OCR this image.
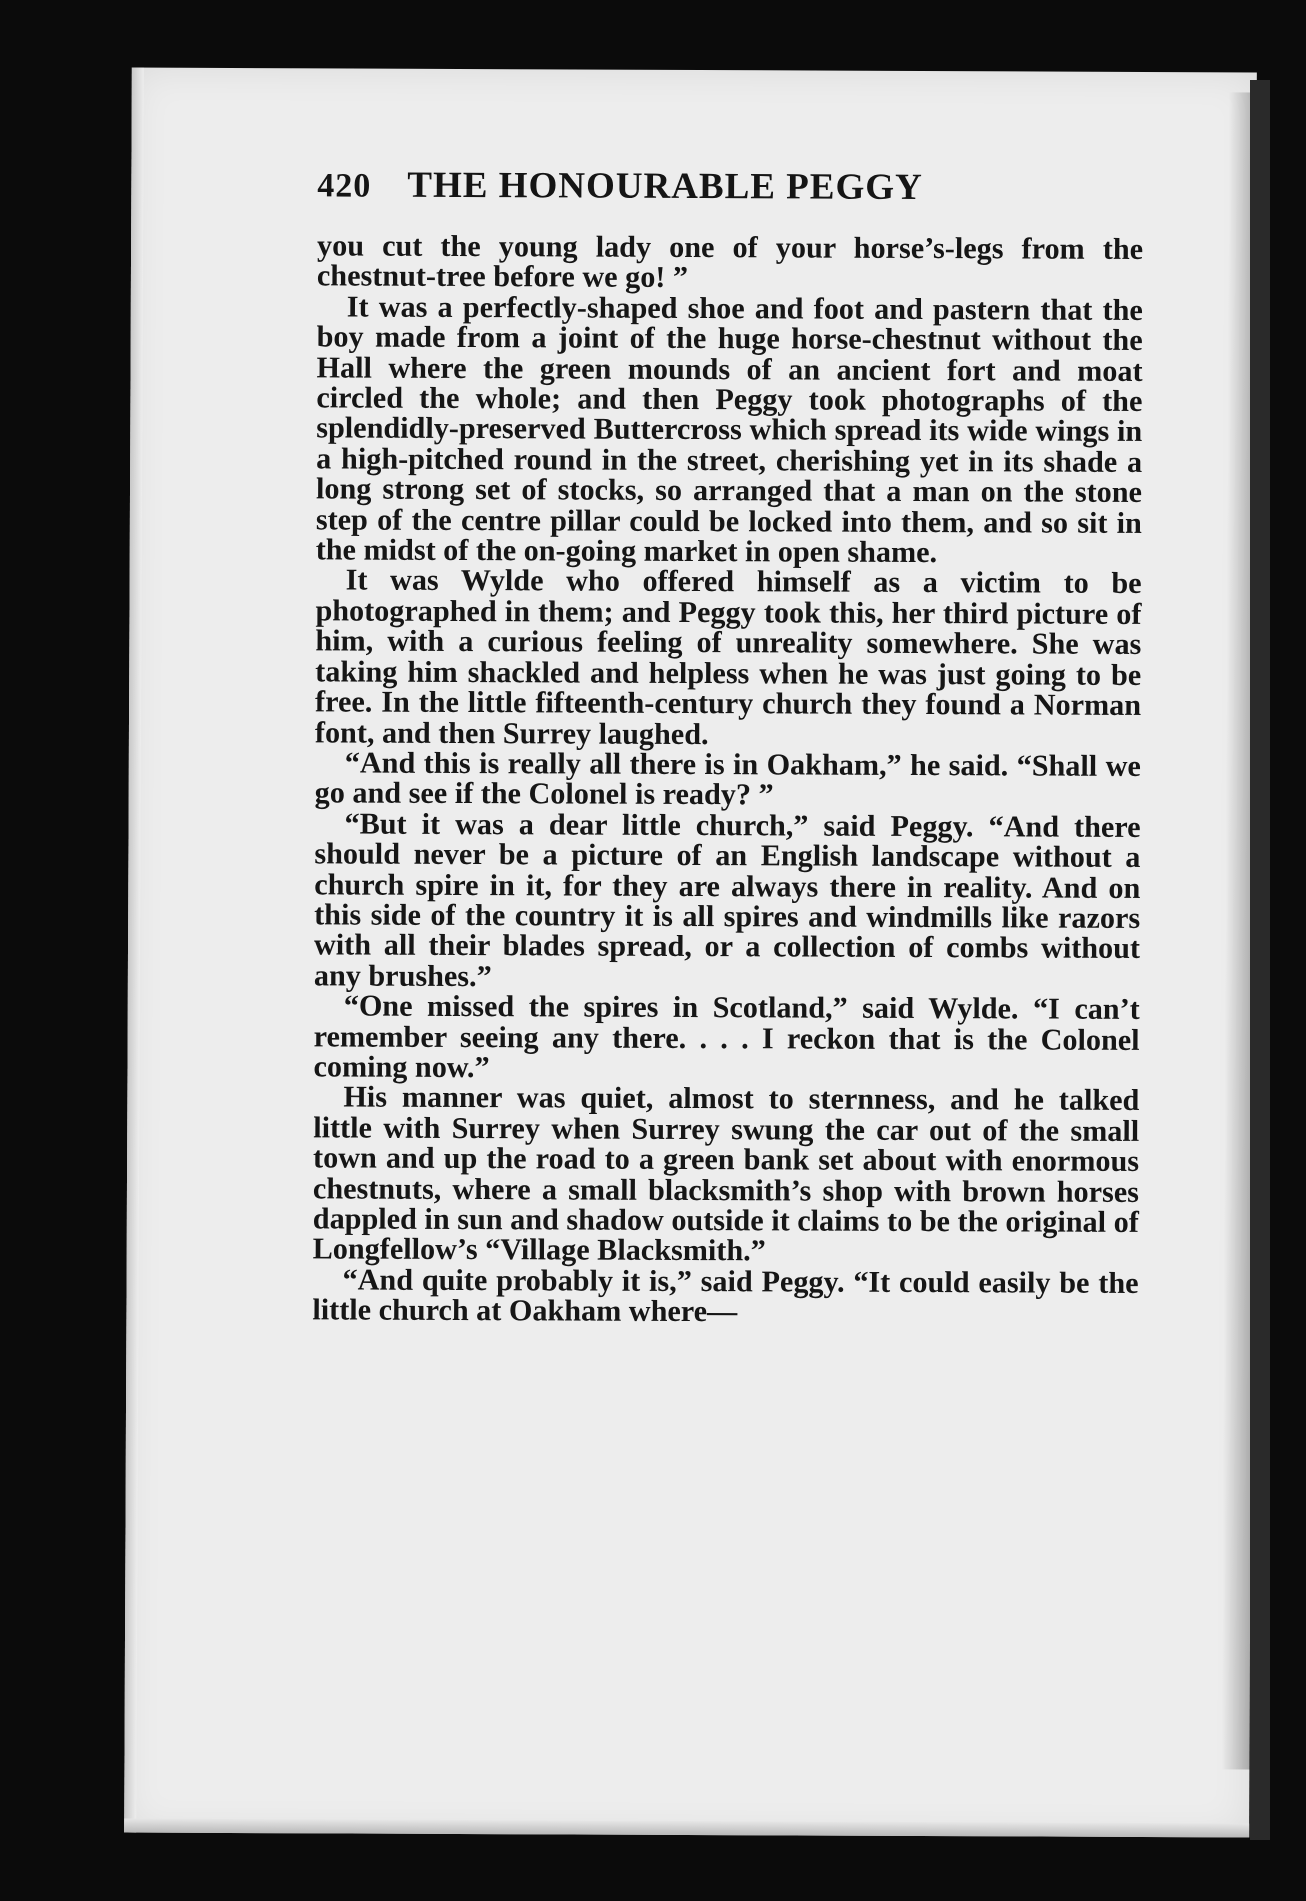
420 THE HONOURABLE PEGGY

you cut the young lady one of your horse’s-legs from the chestnut-tree before we go! ”

It was a perfectly-shaped shoe and foot and pastern that the boy made from a joint of the huge horse-chestnut without the Hall where the green mounds of an ancient fort and moat circled the whole; and then Peggy took photographs of the splendidly-preserved Buttercross which spread its wide wings in a high-pitched round in the street, cherishing yet in its shade a long strong set of stocks, so arranged that a man on the stone step of the centre pillar could be locked into them, and so sit in the midst of the on-going market in open shame.

It was Wylde who offered himself as a victim to be photographed in them; and Peggy took this, her third picture of him, with a curious feeling of unreality somewhere. She was taking him shackled and helpless when he was just going to be free. In the little fifteenth-century church they found a Norman font, and then Surrey laughed.

“And this is really all there is in Oakham,” he said. “Shall we go and see if the Colonel is ready? ”

“But it was a dear little church,” said Peggy. “And there should never be a picture of an English landscape without a church spire in it, for they are always there in reality. And on this side of the country it is all spires and windmills like razors with all their blades spread, or a collection of combs without any brushes.”

“One missed the spires in Scotland,” said Wylde. “I can’t remember seeing any there. . . . I reckon that is the Colonel coming now.”

His manner was quiet, almost to sternness, and he talked little with Surrey when Surrey swung the car out of the small town and up the road to a green bank set about with enormous chestnuts, where a small blacksmith’s shop with brown horses dappled in sun and shadow outside it claims to be the original of Longfellow’s “Village Blacksmith.”

“And quite probably it is,” said Peggy. “It could easily be the little church at Oakham where—
